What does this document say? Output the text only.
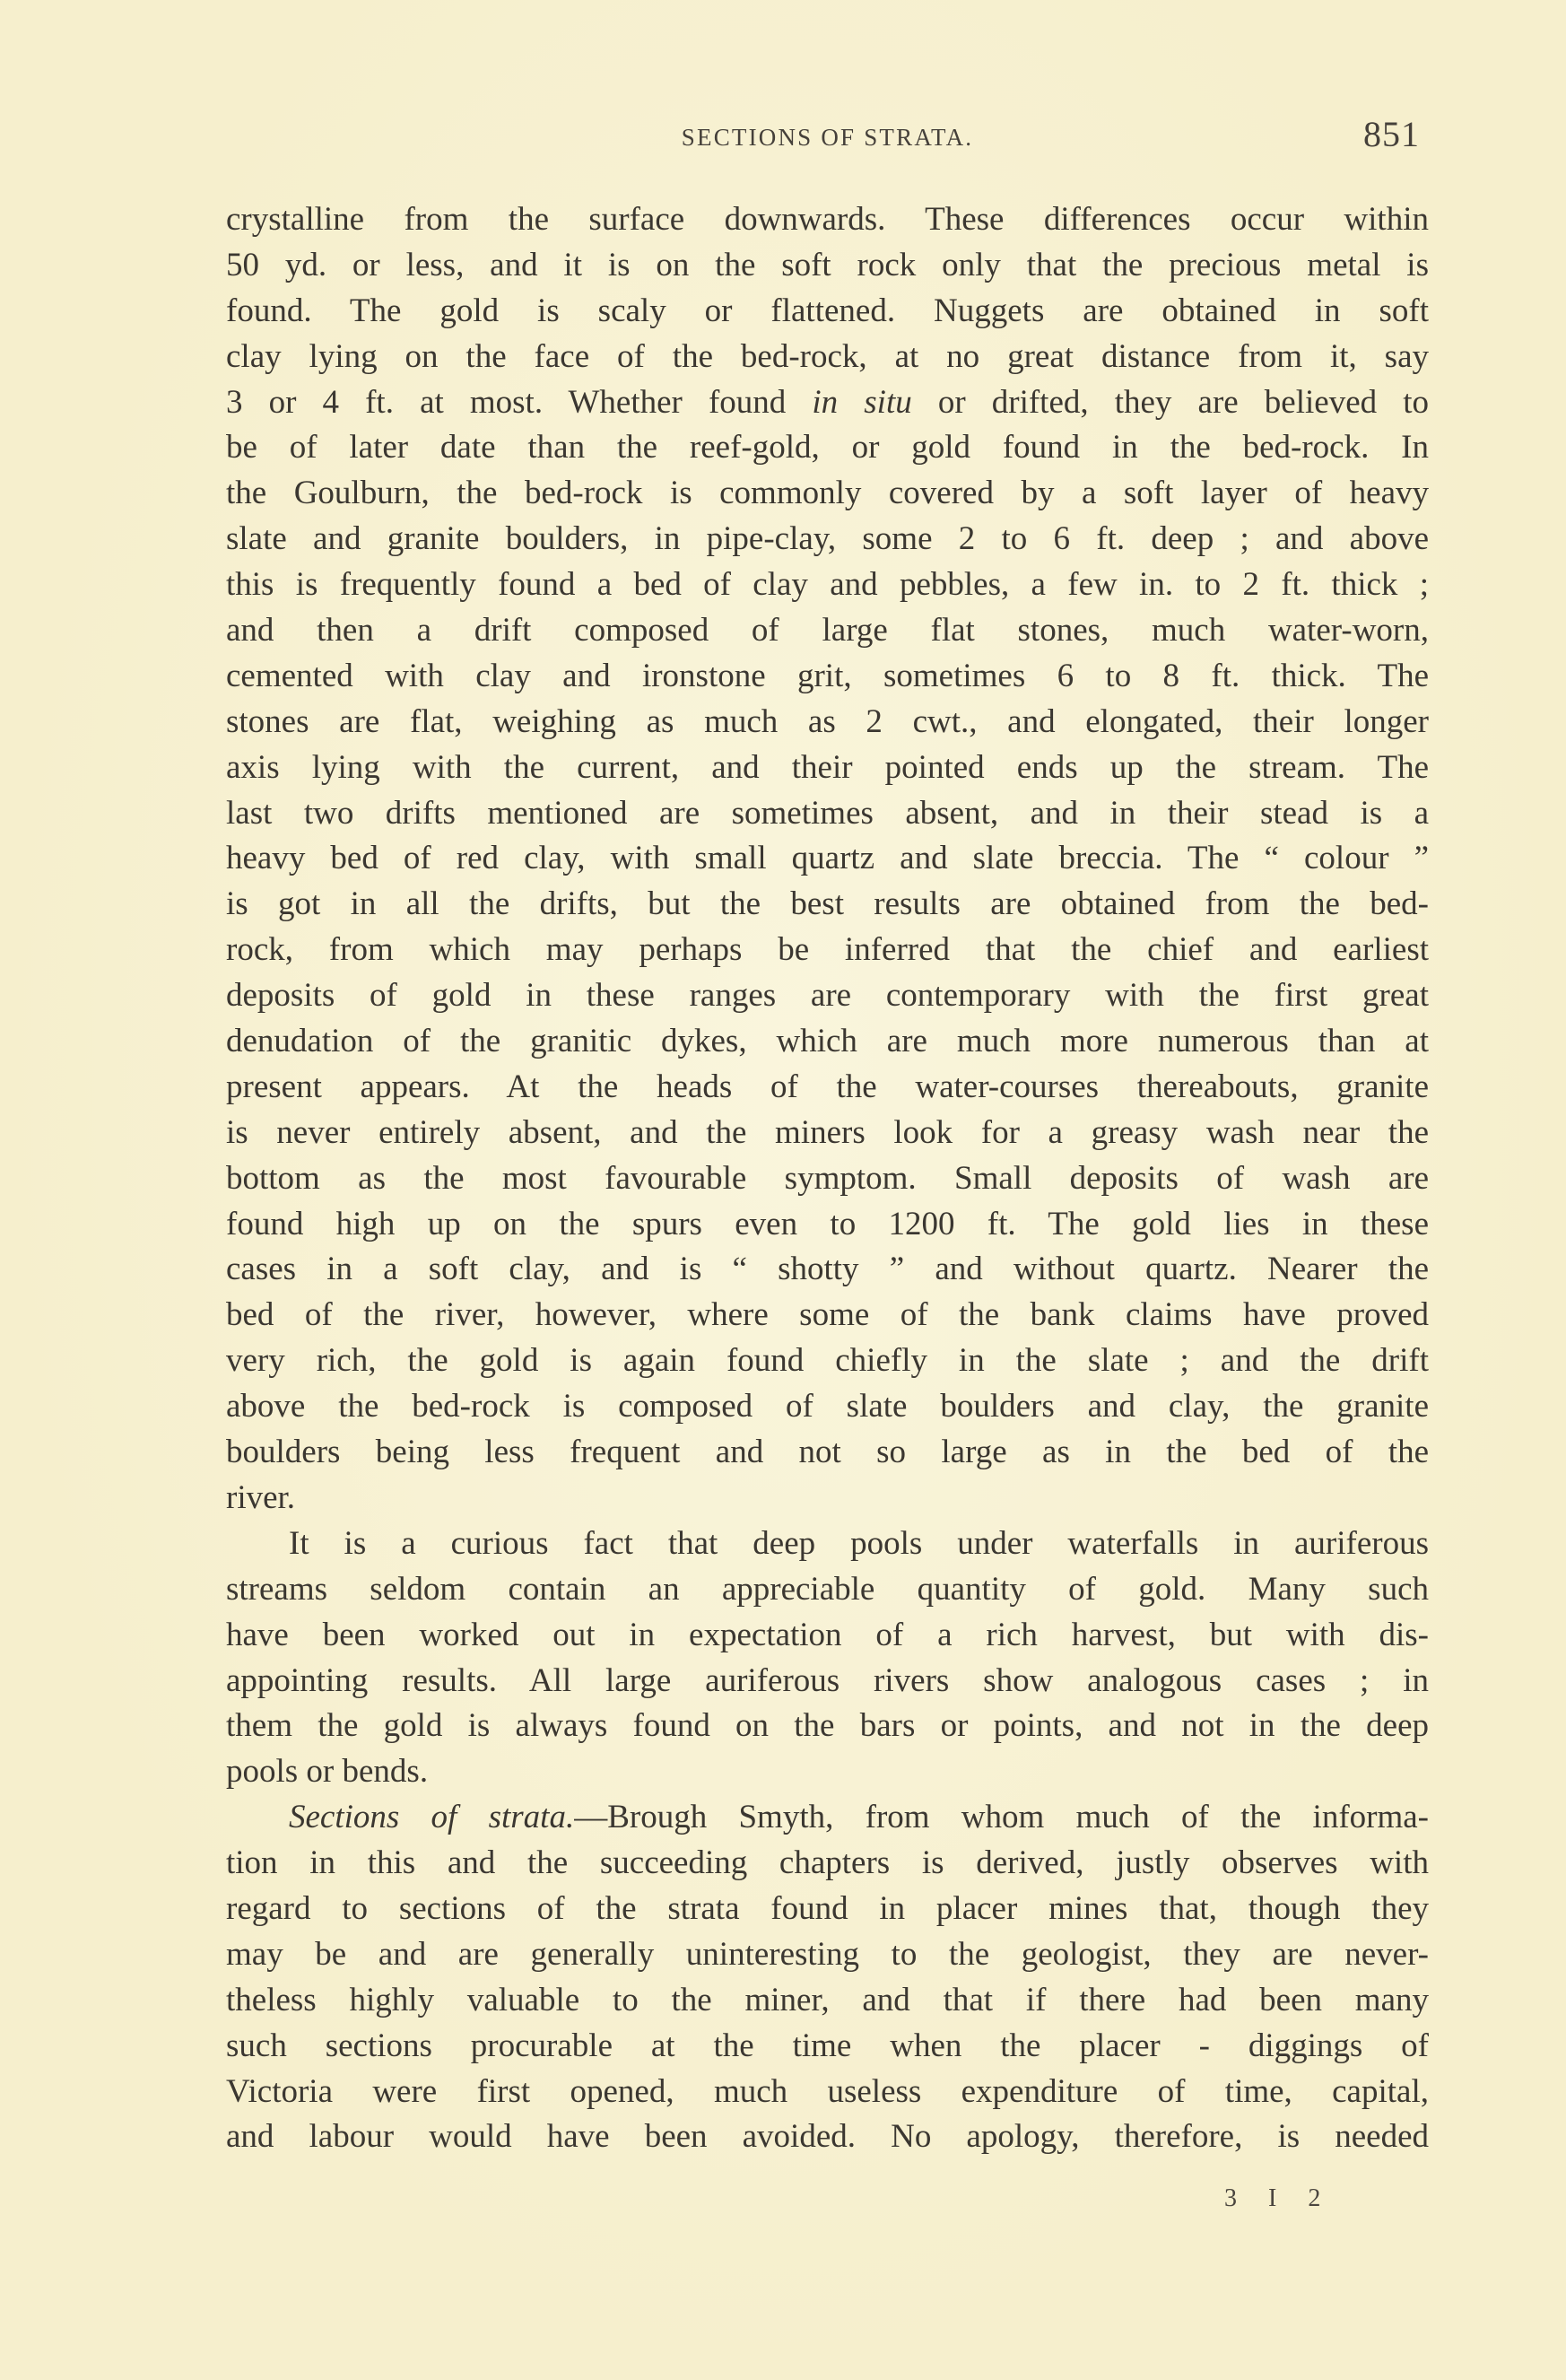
SECTIONS OF STRATA.	851
crystalline from the surface downwards. These differences occur within
50 yd. or less, and it is on the soft rock only that the precious metal is
found. The gold is scaly or flattened. Nuggets are obtained in soft
clay lying on the face of the bed-rock, at no great distance from it, say
3 or 4 ft. at most. Whether found in situ or drifted, they are believed to
be of later date than the reef-gold, or gold found in the bed-rock. In
the Goulburn, the bed-rock is commonly covered by a soft layer of heavy
slate and granite boulders, in pipe-clay, some 2 to 6 ft. deep ; and above
this is frequently found a bed of clay and pebbles, a few in. to 2 ft. thick ;
and then a drift composed of large flat stones, much water-worn,
cemented with clay and ironstone grit, sometimes 6 to 8 ft. thick. The
stones are flat, weighing as much as 2 cwt., and elongated, their longer
axis lying with the current, and their pointed ends up the stream. The
last two drifts mentioned are sometimes absent, and in their stead is a
heavy bed of red clay, with small quartz and slate breccia. The “ colour ”
is got in all the drifts, but the best results are obtained from the bed-
rock, from which may perhaps be inferred that the chief and earliest
deposits of gold in these ranges are contemporary with the first great
denudation of the granitic dykes, which are much more numerous than at
present appears. At the heads of the water-courses thereabouts, granite
is never entirely absent, and the miners look for a greasy wash near the
bottom as the most favourable symptom. Small deposits of wash are
found high up on the spurs even to 1200 ft. The gold lies in these
cases in a soft clay, and is “ shotty ” and without quartz. Nearer the
bed of the river, however, where some of the bank claims have proved
very rich, the gold is again found chiefly in the slate ; and the drift
above the bed-rock is composed of slate boulders and clay, the granite
boulders being less frequent and not so large as in the bed of the
river.
It is a curious fact that deep pools under waterfalls in auriferous
streams seldom contain an appreciable quantity of gold. Many such
have been worked out in expectation of a rich harvest, but with dis-
appointing results. All large auriferous rivers show analogous cases ; in
them the gold is always found on the bars or points, and not in the deep
pools or bends.
Sections of strata.—Brough Smyth, from whom much of the informa-
tion in this and the succeeding chapters is derived, justly observes with
regard to sections of the strata found in placer mines that, though they
may be and are generally uninteresting to the geologist, they are never-
theless highly valuable to the miner, and that if there had been many
such sections procurable at the time when the placer - diggings of
Victoria were first opened, much useless expenditure of time, capital,
and labour would have been avoided. No apology, therefore, is needed
3 I 2
